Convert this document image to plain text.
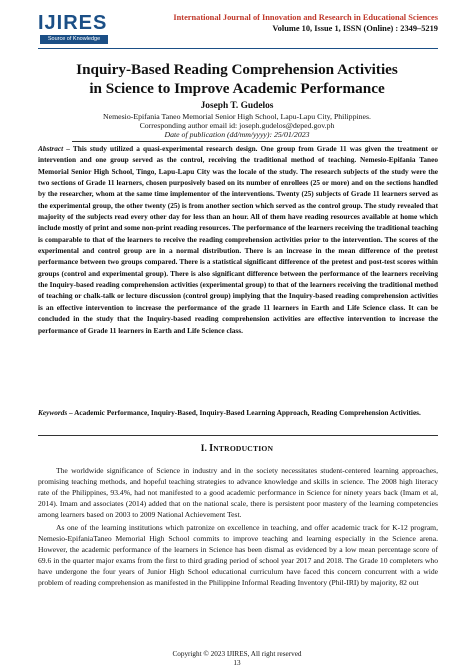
IJIRES
Source of Knowledge
International Journal of Innovation and Research in Educational Sciences
Volume 10, Issue 1, ISSN (Online) : 2349–5219
Inquiry-Based Reading Comprehension Activities
in Science to Improve Academic Performance
Joseph T. Gudelos
Nemesio-Epifania Taneo Memorial Senior High School, Lapu-Lapu City, Philippines.
Corresponding author email id: joseph.gudelos@deped.gov.ph
Date of publication (dd/mm/yyyy): 25/01/2023
Abstract – This study utilized a quasi-experimental research design. One group from Grade 11 was given the treatment or intervention and one group served as the control, receiving the traditional method of teaching. Nemesio-Epifania Taneo Memorial Senior High School, Tingo, Lapu-Lapu City was the locale of the study. The research subjects of the study were the two sections of Grade 11 learners, chosen purposively based on its number of enrollees (25 or more) and on the sections handled by the researcher, whom at the same time implementor of the interventions. Twenty (25) subjects of Grade 11 learners served as the experimental group, the other twenty (25) is from another section which served as the control group. The study revealed that majority of the subjects read every other day for less than an hour. All of them have reading resources available at home which include mostly of print and some non-print reading resources. The performance of the learners receiving the traditional teaching is comparable to that of the learners to receive the reading comprehension activities prior to the intervention. The scores of the experimental and control group are in a normal distribution. There is an increase in the mean difference of the pretest performance between two groups compared. There is a statistical significant difference of the pretest and post-test scores within groups (control and experimental group). There is also significant difference between the performance of the learners receiving the Inquiry-based reading comprehension activities (experimental group) to that of the learners receiving the traditional method of teaching or chalk-talk or lecture discussion (control group) implying that the Inquiry-based reading comprehension activities is an effective intervention to increase the performance of the grade 11 learners in Earth and Life Science class. It can be concluded in the study that the Inquiry-based reading comprehension activities are effective intervention to increase the performance of Grade 11 learners in Earth and Life Science class.
Keywords – Academic Performance, Inquiry-Based, Inquiry-Based Learning Approach, Reading Comprehension Activities.
I. INTRODUCTION
The worldwide significance of Science in industry and in the society necessitates student-centered learning approaches, promising teaching methods, and hopeful teaching strategies to advance knowledge and skills in science. The 2008 high literacy rate of the Philippines, 93.4%, had not manifested to a good academic performance in Science for ninety years back (Imam et al, 2014). Imam and associates (2014) added that on the national scale, there is persistent poor mastery of the learning competencies among learners based on 2003 to 2009 National Achievement Test.
As one of the learning institutions which patronize on excellence in teaching, and offer academic track for K-12 program, Nemesio-EpifaniaTaneo Memorial High School commits to improve teaching and learning especially in the Science arena. However, the academic performance of the learners in Science has been dismal as evidenced by a low mean percentage score of 69.6 in the quarter major exams from the first to third grading period of school year 2017 and 2018. The Grade 10 completers who have undergone the four years of Junior High School educational curriculum have faced this concern concurrent with a wide problem of reading comprehension as manifested in the Philippine Informal Reading Inventory (Phil-IRI) by majority, 82 out
Copyright © 2023 IJIRES, All right reserved
13
